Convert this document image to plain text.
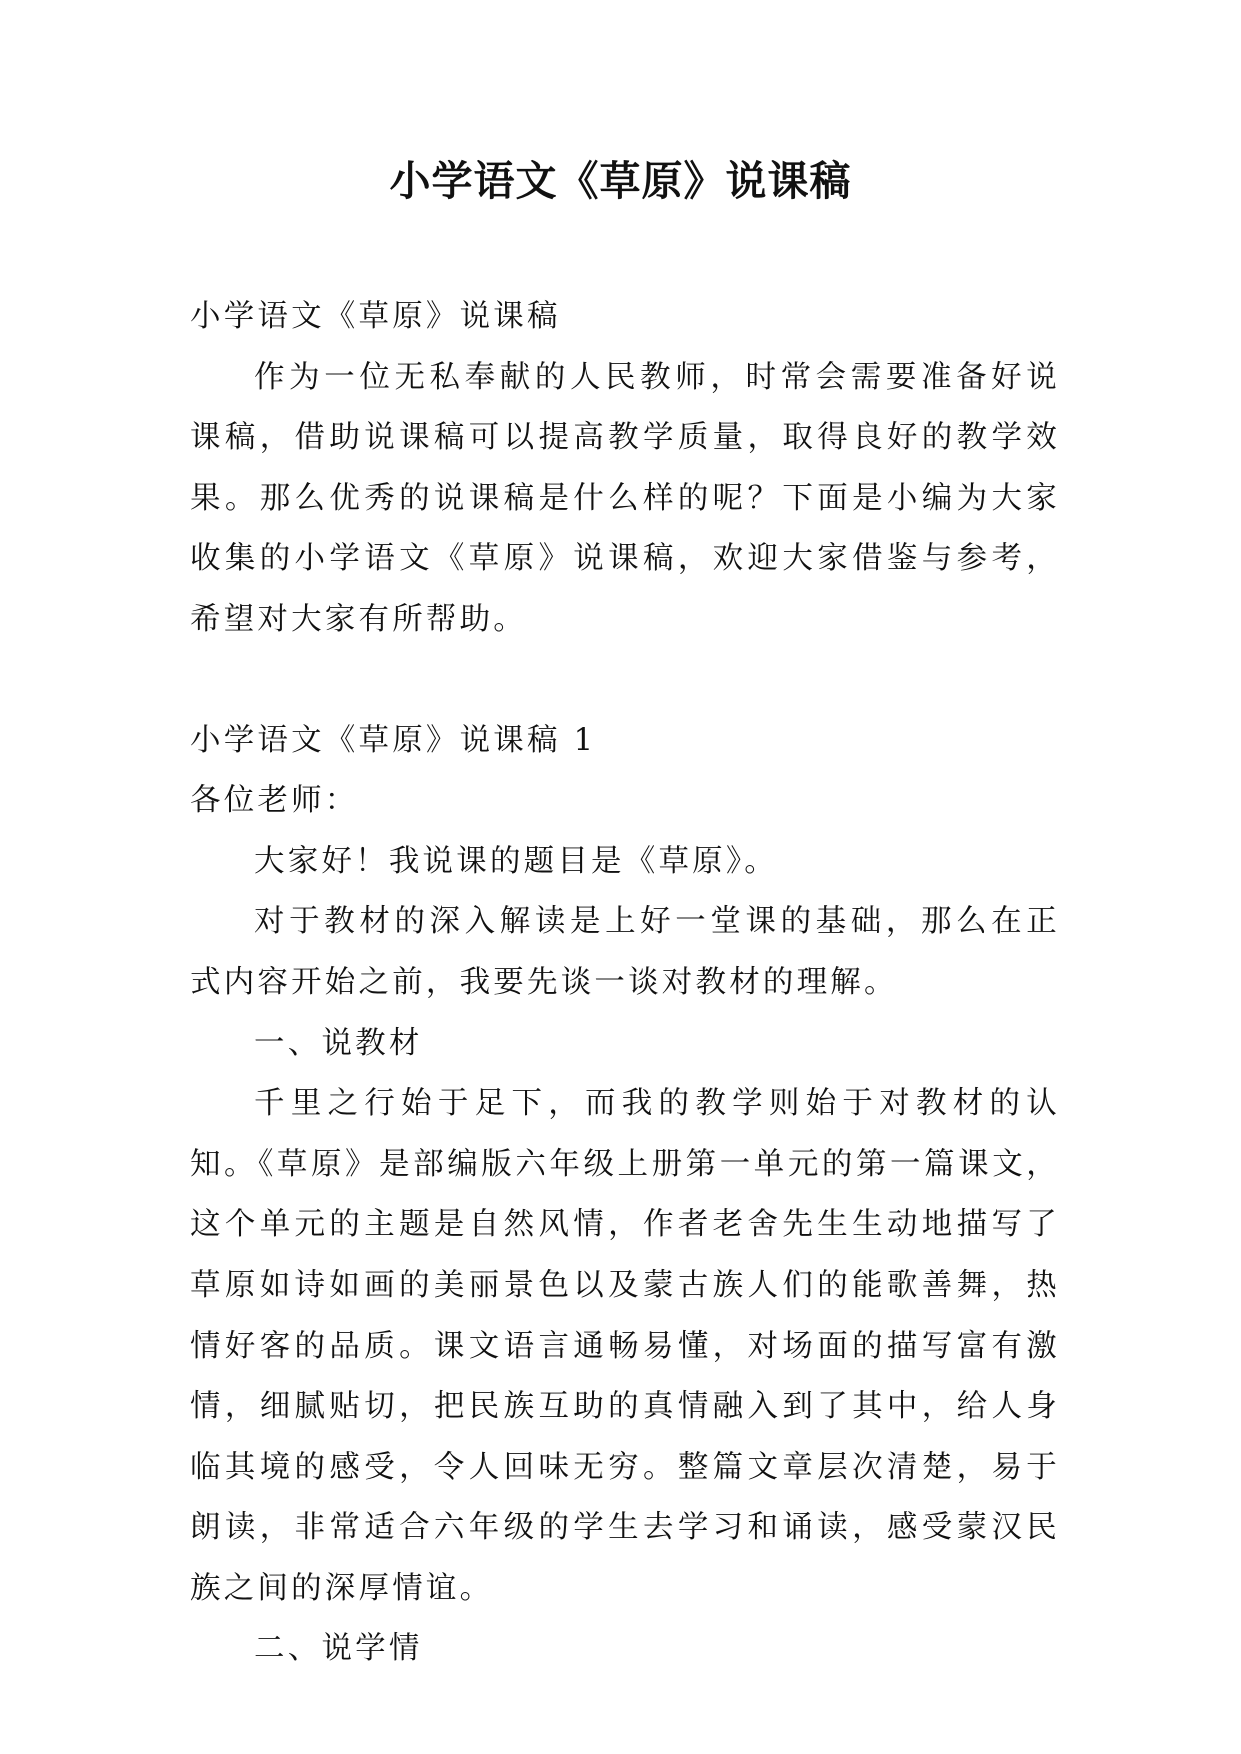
小学语文《草原》说课稿

小学语文《草原》说课稿

作为一位无私奉献的人民教师，时常会需要准备好说课稿，借助说课稿可以提高教学质量，取得良好的教学效果。那么优秀的说课稿是什么样的呢？下面是小编为大家收集的小学语文《草原》说课稿，欢迎大家借鉴与参考，希望对大家有所帮助。

小学语文《草原》说课稿 1

各位老师：

大家好！我说课的题目是《草原》。

对于教材的深入解读是上好一堂课的基础，那么在正式内容开始之前，我要先谈一谈对教材的理解。

一、说教材

千里之行始于足下，而我的教学则始于对教材的认知。《草原》是部编版六年级上册第一单元的第一篇课文，这个单元的主题是自然风情，作者老舍先生生动地描写了草原如诗如画的美丽景色以及蒙古族人们的能歌善舞，热情好客的品质。课文语言通畅易懂，对场面的描写富有激情，细腻贴切，把民族互助的真情融入到了其中，给人身临其境的感受，令人回味无穷。整篇文章层次清楚，易于朗读，非常适合六年级的学生去学习和诵读，感受蒙汉民族之间的深厚情谊。

二、说学情
